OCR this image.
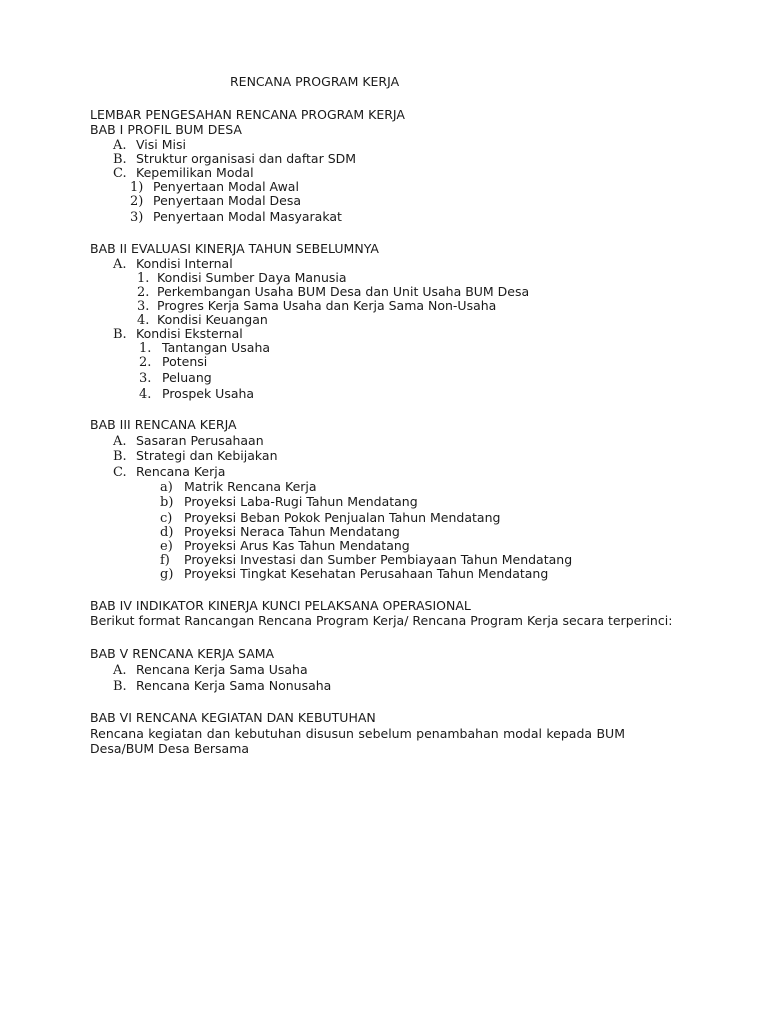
RENCANA PROGRAM KERJA
LEMBAR PENGESAHAN RENCANA PROGRAM KERJA
BAB I PROFIL BUM DESA
A. Visi Misi
B. Struktur organisasi dan daftar SDM
C. Kepemilikan Modal
1) Penyertaan Modal Awal
2) Penyertaan Modal Desa
3) Penyertaan Modal Masyarakat
BAB II EVALUASI KINERJA TAHUN SEBELUMNYA
A. Kondisi Internal
1. Kondisi Sumber Daya Manusia
2. Perkembangan Usaha BUM Desa dan Unit Usaha BUM Desa
3. Progres Kerja Sama Usaha dan Kerja Sama Non-Usaha
4. Kondisi Keuangan
B. Kondisi Eksternal
1. Tantangan Usaha
2. Potensi
3. Peluang
4. Prospek Usaha
BAB III RENCANA KERJA
A. Sasaran Perusahaan
B. Strategi dan Kebijakan
C. Rencana Kerja
a) Matrik Rencana Kerja
b) Proyeksi Laba-Rugi Tahun Mendatang
c) Proyeksi Beban Pokok Penjualan Tahun Mendatang
d) Proyeksi Neraca Tahun Mendatang
e) Proyeksi Arus Kas Tahun Mendatang
f) Proyeksi Investasi dan Sumber Pembiayaan Tahun Mendatang
g) Proyeksi Tingkat Kesehatan Perusahaan Tahun Mendatang
BAB IV INDIKATOR KINERJA KUNCI PELAKSANA OPERASIONAL
Berikut format Rancangan Rencana Program Kerja/ Rencana Program Kerja secara terperinci:
BAB V RENCANA KERJA SAMA
A. Rencana Kerja Sama Usaha
B. Rencana Kerja Sama Nonusaha
BAB VI RENCANA KEGIATAN DAN KEBUTUHAN
Rencana kegiatan dan kebutuhan disusun sebelum penambahan modal kepada BUM Desa/BUM Desa Bersama
